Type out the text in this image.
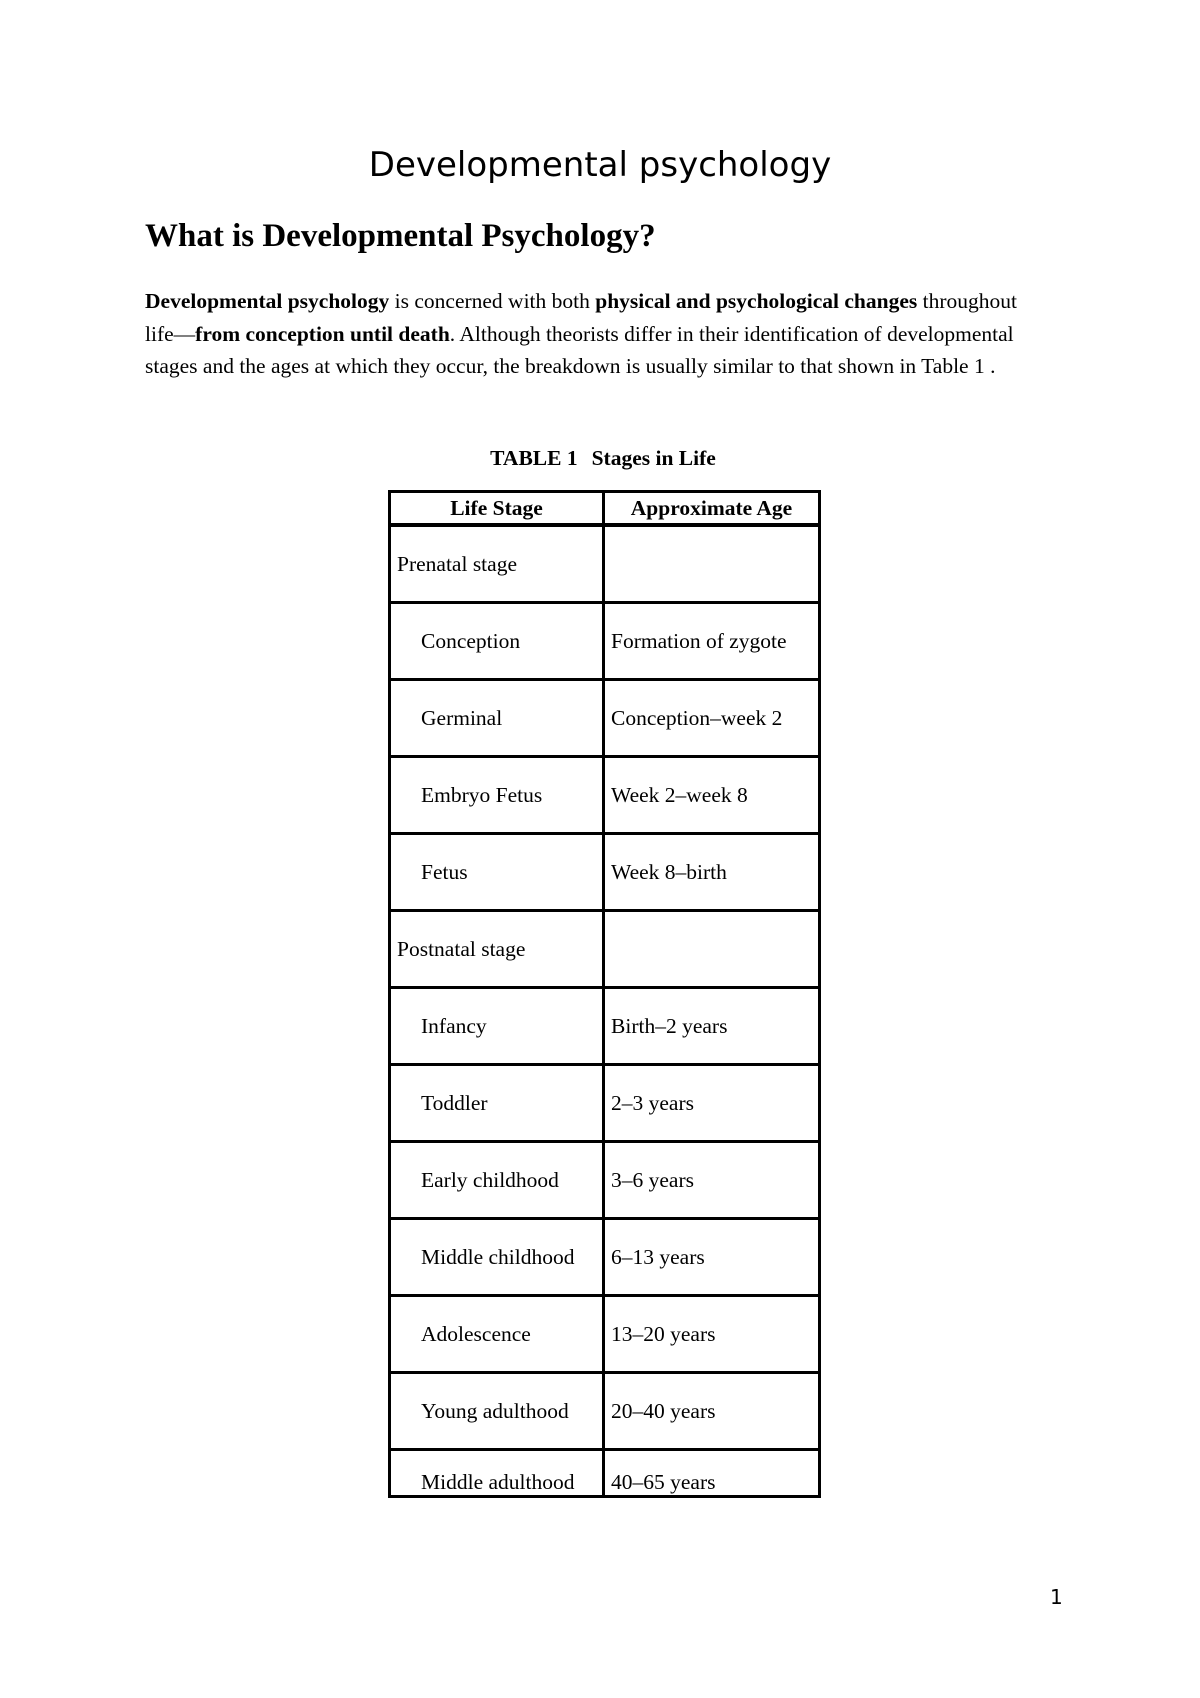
Developmental psychology
What is Developmental Psychology?

Developmental psychology is concerned with both physical and psychological changes throughout life—from conception until death. Although theorists differ in their identification of developmental stages and the ages at which they occur, the breakdown is usually similar to that shown in Table 1 .

TABLE 1 Stages in Life
Life Stage	Approximate Age
Prenatal stage	
Conception	Formation of zygote
Germinal	Conception–week 2
Embryo Fetus	Week 2–week 8
Fetus	Week 8–birth
Postnatal stage	
Infancy	Birth–2 years
Toddler	2–3 years
Early childhood	3–6 years
Middle childhood	6–13 years
Adolescence	13–20 years
Young adulthood	20–40 years
Middle adulthood	40–65 years
1
